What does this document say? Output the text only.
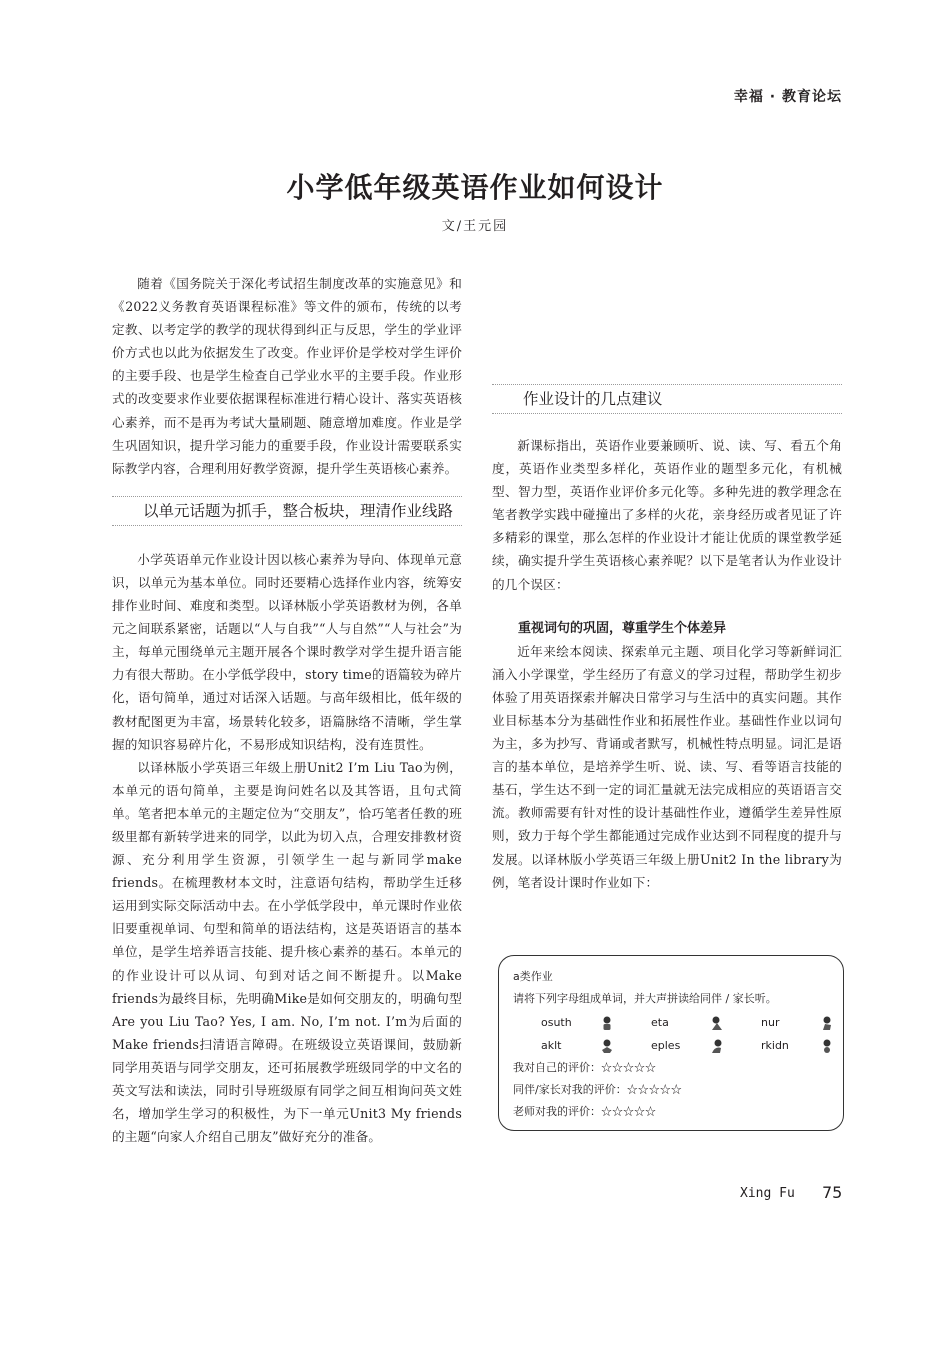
幸福 · 教育论坛
小学低年级英语作业如何设计
文/王元园

随着《国务院关于深化考试招生制度改革的实施意见》和《2022义务教育英语课程标准》等文件的颁布，传统的以考定教、以考定学的教学的现状得到纠正与反思，学生的学业评价方式也以此为依据发生了改变。作业评价是学校对学生评价的主要手段、也是学生检查自己学业水平的主要手段。作业形式的改变要求作业要依据课程标准进行精心设计、落实英语核心素养，而不是再为考试大量刷题、随意增加难度。作业是学生巩固知识，提升学习能力的重要手段，作业设计需要联系实际教学内容，合理利用好教学资源，提升学生英语核心素养。

以单元话题为抓手，整合板块，理清作业线路

小学英语单元作业设计因以核心素养为导向、体现单元意识，以单元为基本单位。同时还要精心选择作业内容，统筹安排作业时间、难度和类型。以译林版小学英语教材为例，各单元之间联系紧密，话题以“人与自我”“人与自然”“人与社会”为主，每单元围绕单元主题开展各个课时教学对学生提升语言能力有很大帮助。在小学低学段中，story time的语篇较为碎片化，语句简单，通过对话深入话题。与高年级相比，低年级的教材配图更为丰富，场景转化较多，语篇脉络不清晰，学生掌握的知识容易碎片化，不易形成知识结构，没有连贯性。

以译林版小学英语三年级上册Unit2 I’m Liu Tao为例，本单元的语句简单，主要是询问姓名以及其答语，且句式简单。笔者把本单元的主题定位为“交朋友”，恰巧笔者任教的班级里都有新转学进来的同学，以此为切入点，合理安排教材资源、充分利用学生资源，引领学生一起与新同学make friends。在梳理教材本文时，注意语句结构，帮助学生迁移运用到实际交际活动中去。在小学低学段中，单元课时作业依旧要重视单词、句型和简单的语法结构，这是英语语言的基本单位，是学生培养语言技能、提升核心素养的基石。本单元的的作业设计可以从词、句到对话之间不断提升。以Make friends为最终目标，先明确Mike是如何交朋友的，明确句型Are you Liu Tao? Yes, I am. No, I’m not. I’m为后面的Make friends扫清语言障碍。在班级设立英语课间，鼓励新同学用英语与同学交朋友，还可拓展教学班级同学的中文名的英文写法和读法，同时引导班级原有同学之间互相询问英文姓名，增加学生学习的积极性，为下一单元Unit3 My friends的主题“向家人介绍自己朋友”做好充分的准备。

作业设计的几点建议

新课标指出，英语作业要兼顾听、说、读、写、看五个角度，英语作业类型多样化，英语作业的题型多元化，有机械型、智力型，英语作业评价多元化等。多种先进的教学理念在笔者教学实践中碰撞出了多样的火花，亲身经历或者见证了许多精彩的课堂，那么怎样的作业设计才能让优质的课堂教学延续，确实提升学生英语核心素养呢？以下是笔者认为作业设计的几个误区：

重视词句的巩固，尊重学生个体差异

近年来绘本阅读、探索单元主题、项目化学习等新鲜词汇涌入小学课堂，学生经历了有意义的学习过程，帮助学生初步体验了用英语探索并解决日常学习与生活中的真实问题。其作业目标基本分为基础性作业和拓展性作业。基础性作业以词句为主，多为抄写、背诵或者默写，机械性特点明显。词汇是语言的基本单位，是培养学生听、说、读、写、看等语言技能的基石，学生达不到一定的词汇量就无法完成相应的英语语言交流。教师需要有针对性的设计基础性作业，遵循学生差异性原则，致力于每个学生都能通过完成作业达到不同程度的提升与发展。以译林版小学英语三年级上册Unit2 In the library为例，笔者设计课时作业如下：

a类作业
请将下列字母组成单词，并大声拼读给同伴 / 家长听。
osuth	eta	nur
aklt	eples	rkidn
我对自己的评价：☆☆☆☆☆
同伴/家长对我的评价：☆☆☆☆☆
老师对我的评价：☆☆☆☆☆
Xing Fu 75
